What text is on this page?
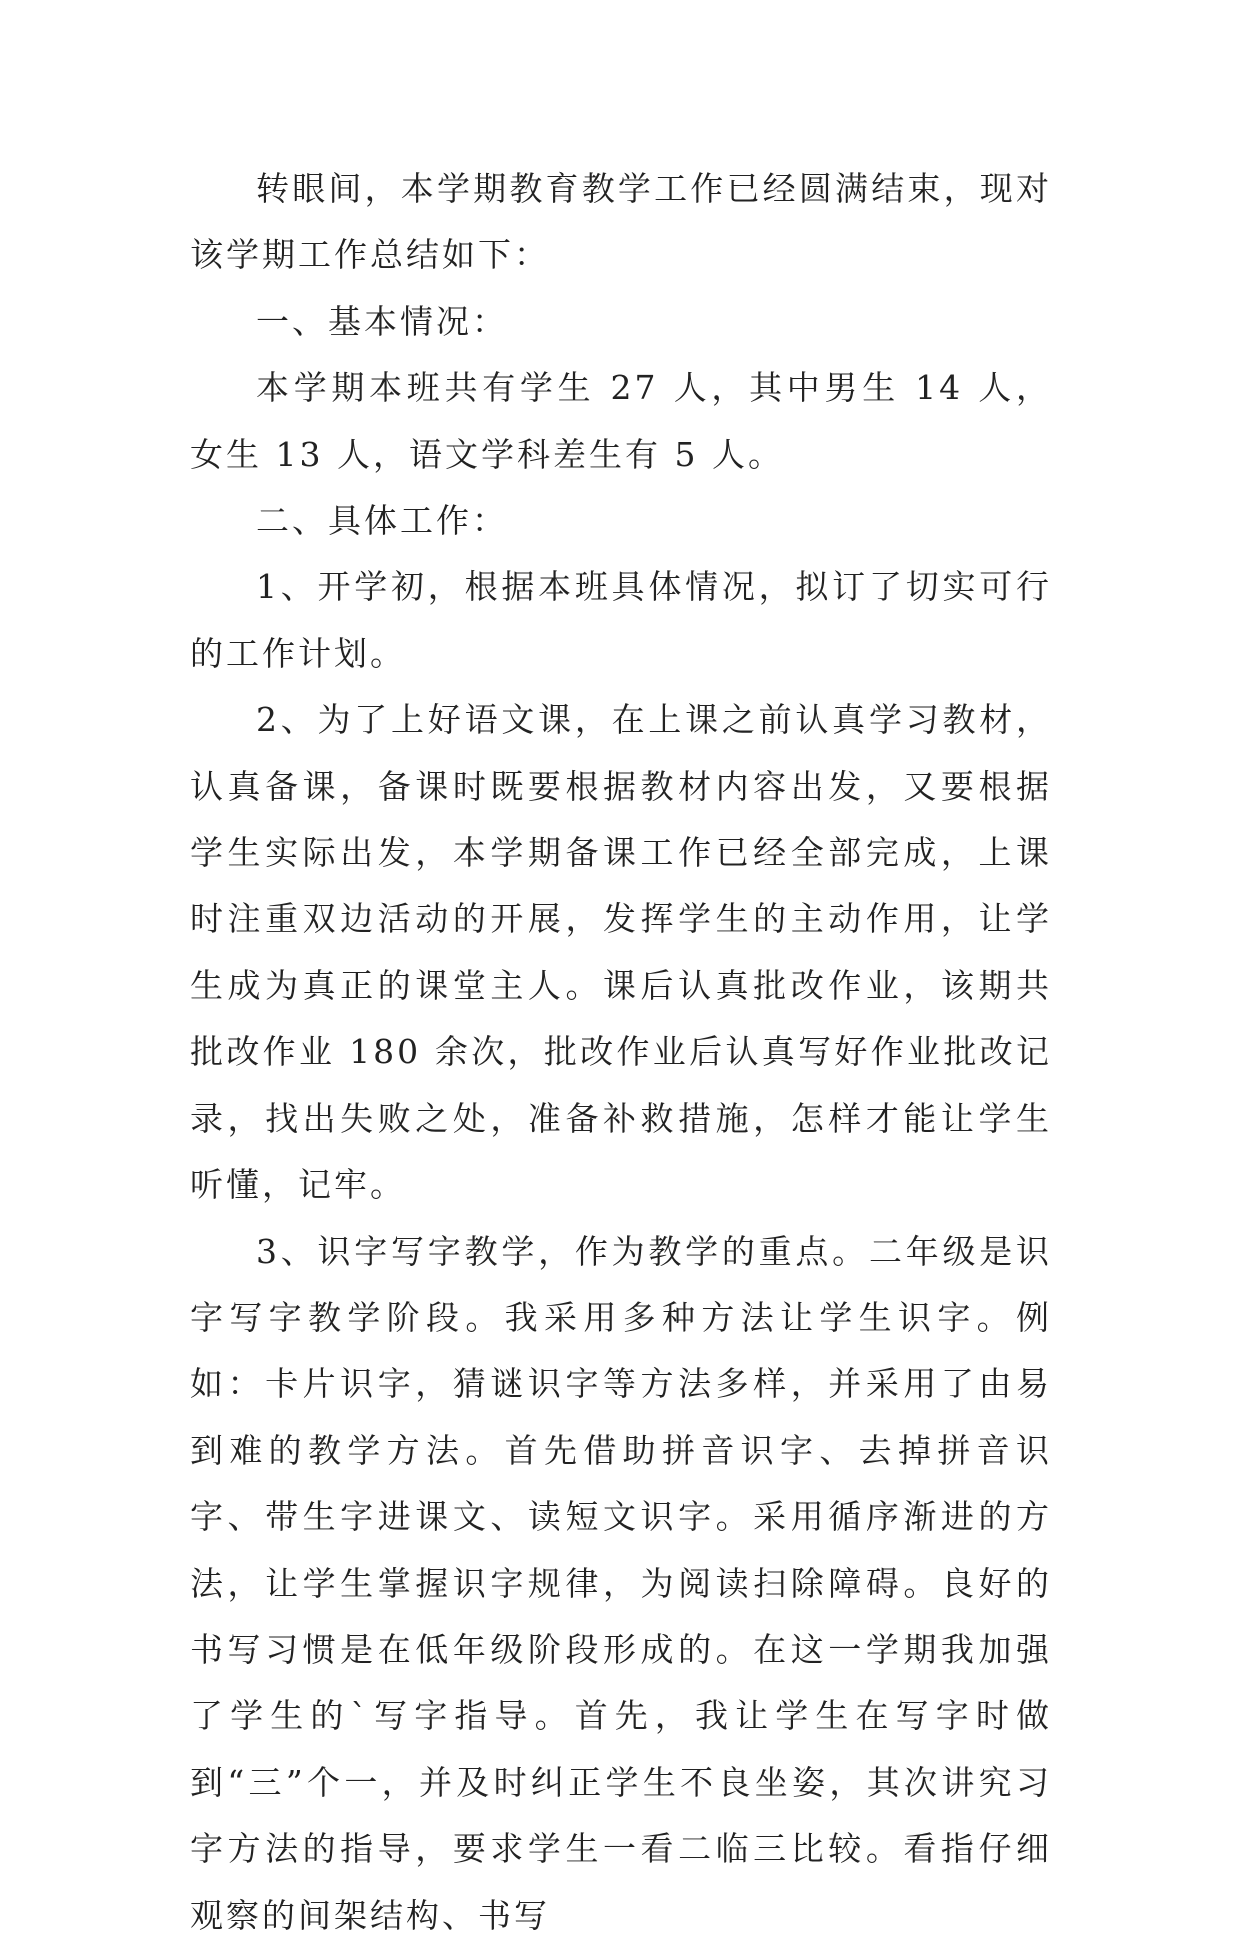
转眼间，本学期教育教学工作已经圆满结束，现对该学期工作总结如下：

一、基本情况：

本学期本班共有学生 27 人，其中男生 14 人，女生 13 人，语文学科差生有 5 人。

二、具体工作：

1、开学初，根据本班具体情况，拟订了切实可行的工作计划。

2、为了上好语文课，在上课之前认真学习教材，认真备课，备课时既要根据教材内容出发，又要根据学生实际出发，本学期备课工作已经全部完成，上课时注重双边活动的开展，发挥学生的主动作用，让学生成为真正的课堂主人。课后认真批改作业，该期共批改作业 180 余次，批改作业后认真写好作业批改记录，找出失败之处，准备补救措施，怎样才能让学生听懂，记牢。

3、识字写字教学，作为教学的重点。二年级是识字写字教学阶段。我采用多种方法让学生识字。例如：卡片识字，猜谜识字等方法多样，并采用了由易到难的教学方法。首先借助拼音识字、去掉拼音识字、带生字进课文、读短文识字。采用循序渐进的方法，让学生掌握识字规律，为阅读扫除障碍。良好的书写习惯是在低年级阶段形成的。在这一学期我加强了学生的`写字指导。首先，我让学生在写字时做到“三”个一，并及时纠正学生不良坐姿，其次讲究习字方法的指导，要求学生一看二临三比较。看指仔细观察的间架结构、书写
